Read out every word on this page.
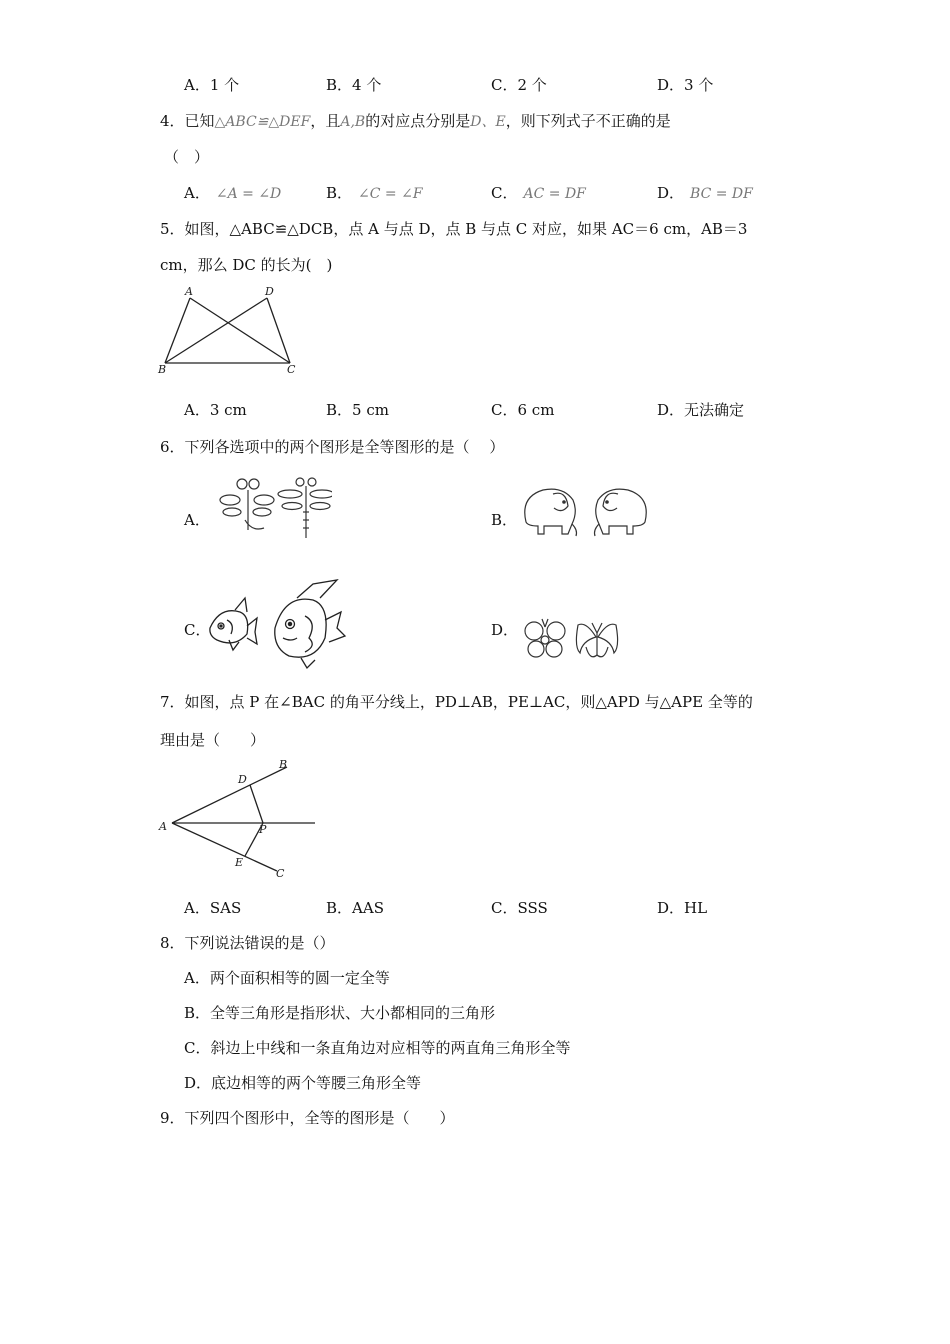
A．1 个	B．4 个	C．2 个	D．3 个
4．已知△ABC≌△DEF，且A,B的对应点分别是D、E，则下列式子不正确的是
（　）
A． ∠A = ∠D	B． ∠C = ∠F	C． AC = DF	D． BC = DF
5．如图，△ABC≌△DCB，点 A 与点 D，点 B 与点 C 对应，如果 AC＝6 cm，AB＝3
cm，那么 DC 的长为(　)
A	D
B	C
A．3 cm	B．5 cm	C．6 cm	D．无法确定
6．下列各选项中的两个图形是全等图形的是（　 ）
A．	B．
C．	D．
7．如图，点 P 在∠BAC 的角平分线上，PD⊥AB，PE⊥AC，则△APD 与△APE 全等的
理由是（　　）
A
B
C
D
E
P
A．SAS	B．AAS	C．SSS	D．HL
8．下列说法错误的是（）
A．两个面积相等的圆一定全等
B．全等三角形是指形状、大小都相同的三角形
C．斜边上中线和一条直角边对应相等的两直角三角形全等
D．底边相等的两个等腰三角形全等
9．下列四个图形中，全等的图形是（　　）
